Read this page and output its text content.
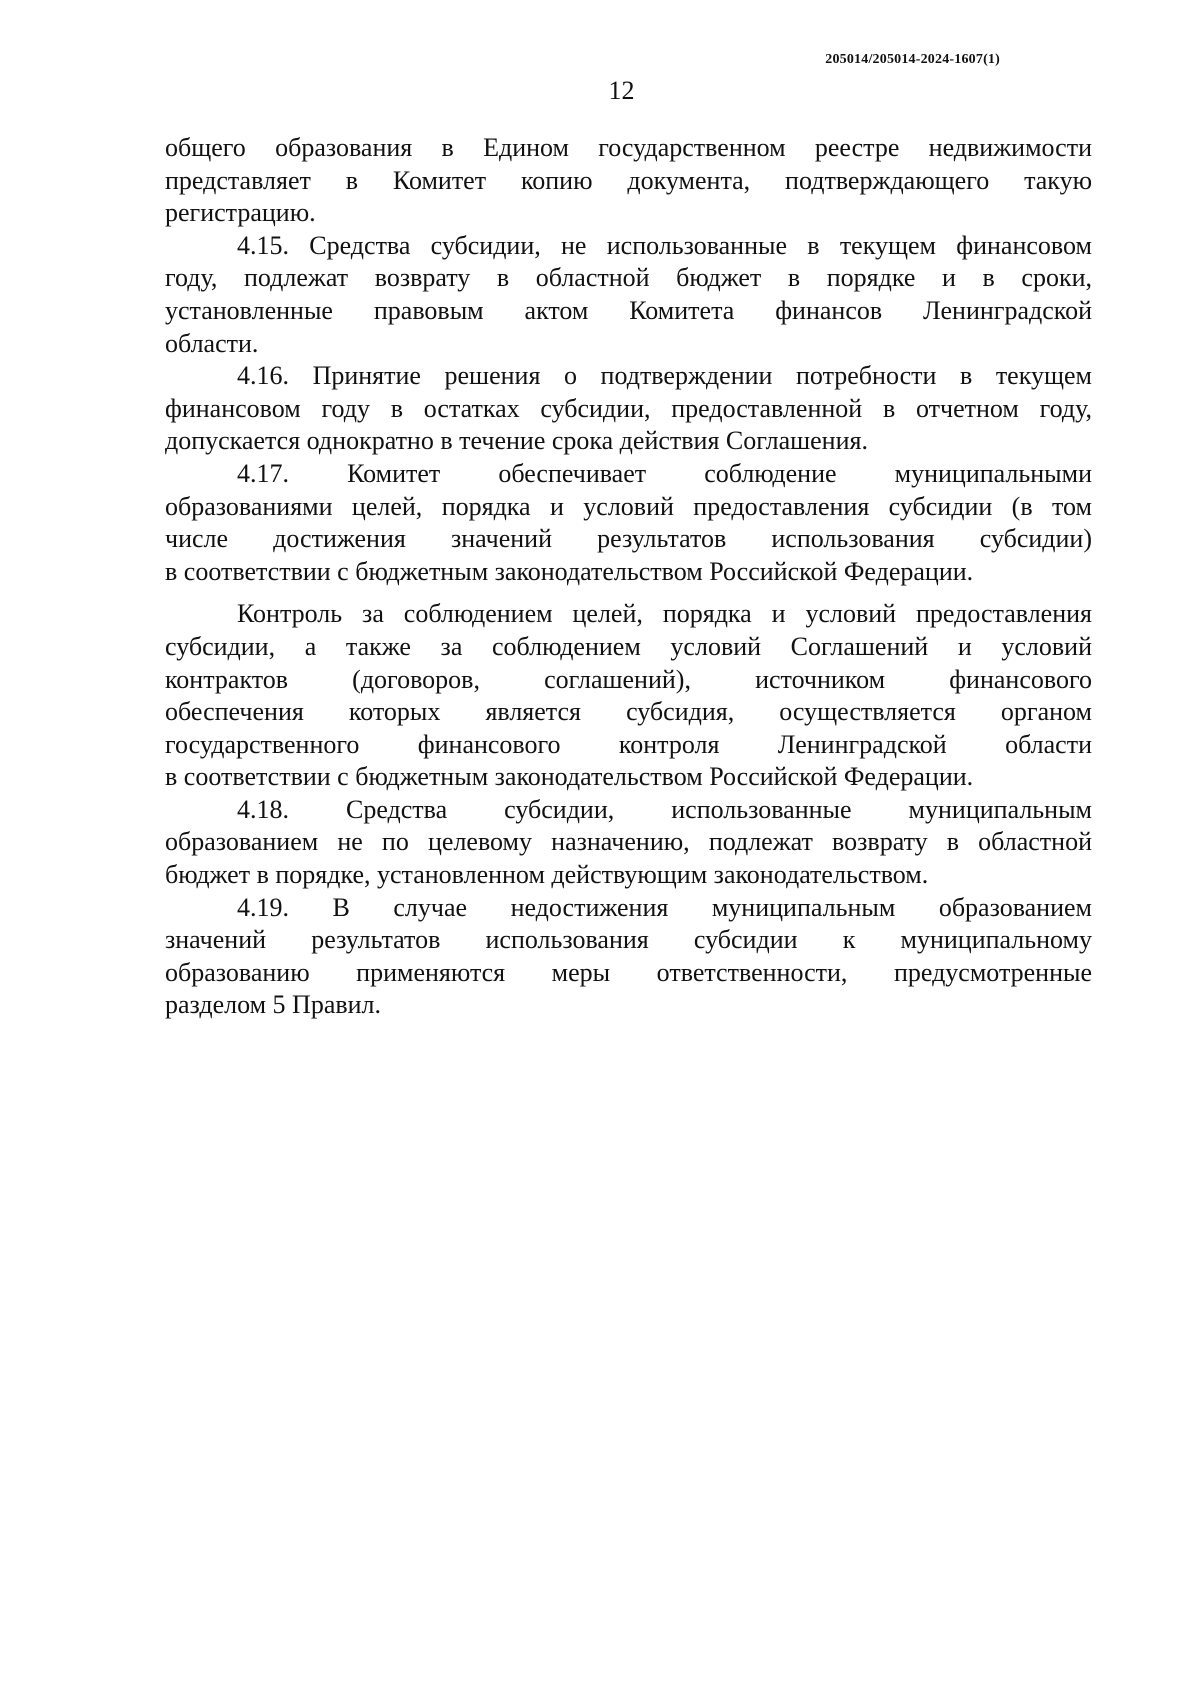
205014/205014-2024-1607(1)
12

общего образования в Едином государственном реестре недвижимости

представляет в Комитет копию документа, подтверждающего такую

регистрацию.

4.15. Средства субсидии, не использованные в текущем финансовом

году, подлежат возврату в областной бюджет в порядке и в сроки,

установленные правовым актом Комитета финансов Ленинградской

области.

4.16. Принятие решения о подтверждении потребности в текущем

финансовом году в остатках субсидии, предоставленной в отчетном году,

допускается однократно в течение срока действия Соглашения.

4.17. Комитет обеспечивает соблюдение муниципальными

образованиями целей, порядка и условий предоставления субсидии (в том

числе достижения значений результатов использования субсидии)

в соответствии с бюджетным законодательством Российской Федерации.

Контроль за соблюдением целей, порядка и условий предоставления

субсидии, а также за соблюдением условий Соглашений и условий

контрактов (договоров, соглашений), источником финансового

обеспечения которых является субсидия, осуществляется органом

государственного финансового контроля Ленинградской области

в соответствии с бюджетным законодательством Российской Федерации.

4.18. Средства субсидии, использованные муниципальным

образованием не по целевому назначению, подлежат возврату в областной

бюджет в порядке, установленном действующим законодательством.

4.19. В случае недостижения муниципальным образованием

значений результатов использования субсидии к муниципальному

образованию применяются меры ответственности, предусмотренные

разделом 5 Правил.
